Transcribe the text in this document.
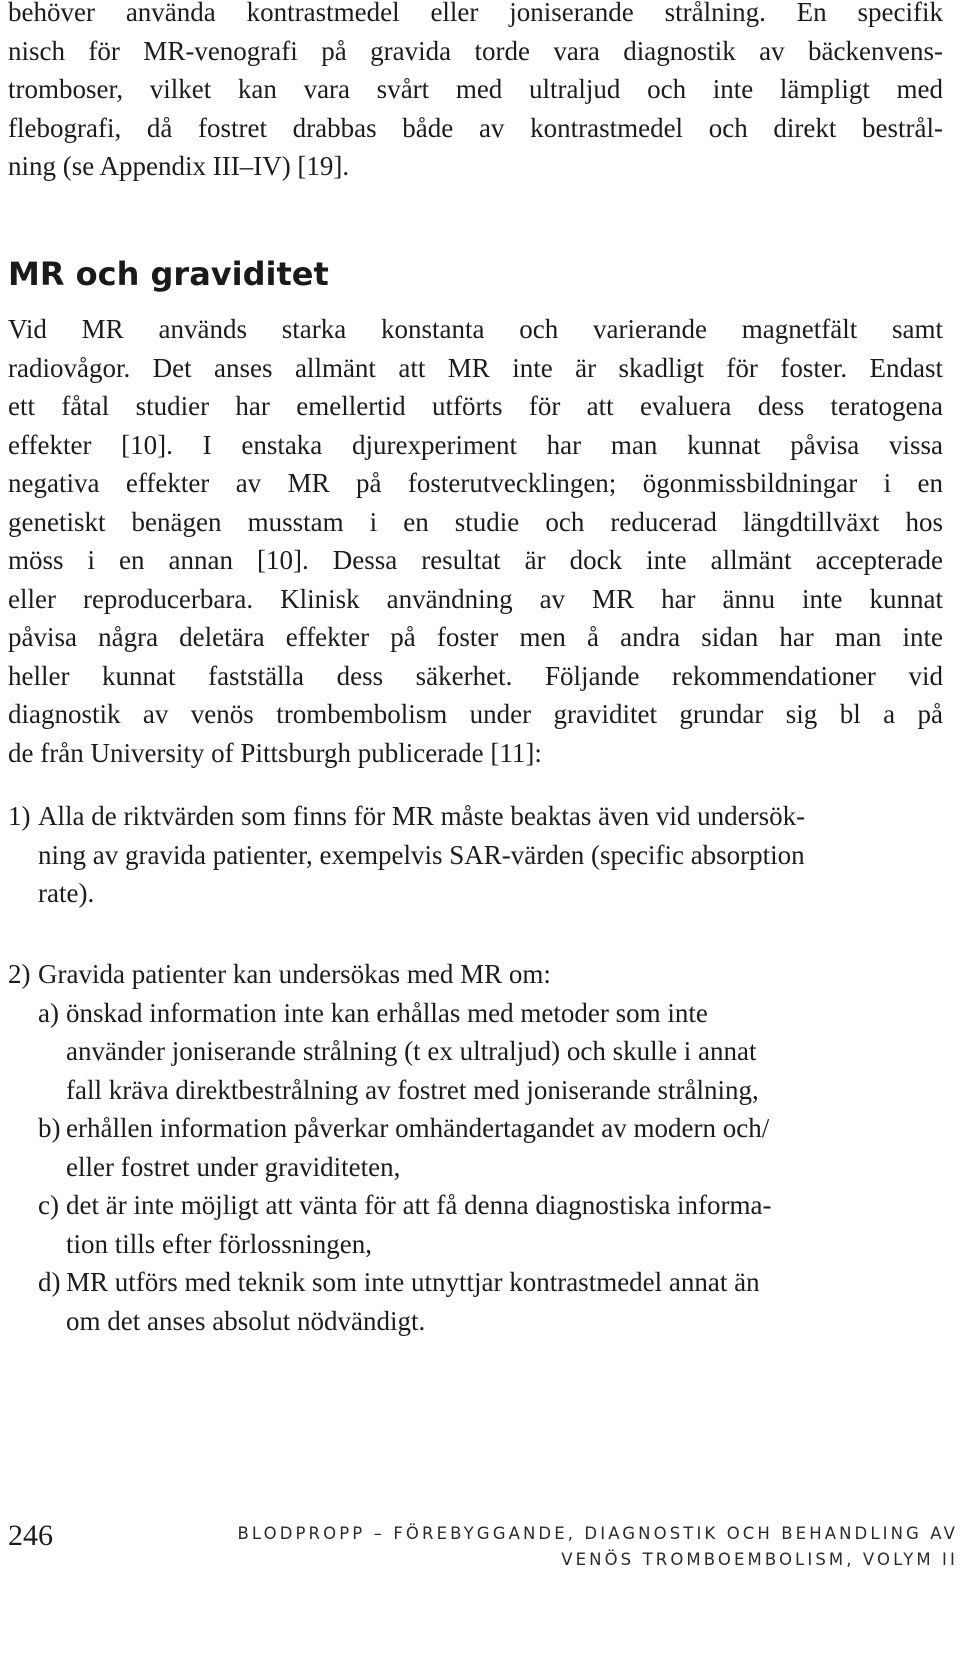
behöver använda kontrastmedel eller joniserande strålning. En specifik
nisch för MR-venografi på gravida torde vara diagnostik av bäckenvens-
tromboser, vilket kan vara svårt med ultraljud och inte lämpligt med
flebografi, då fostret drabbas både av kontrastmedel och direkt bestrål-
ning (se Appendix III–IV) [19].
MR och graviditet
Vid MR används starka konstanta och varierande magnetfält samt
radiovågor. Det anses allmänt att MR inte är skadligt för foster. Endast
ett fåtal studier har emellertid utförts för att evaluera dess teratogena
effekter [10]. I enstaka djurexperiment har man kunnat påvisa vissa
negativa effekter av MR på fosterutvecklingen; ögonmissbildningar i en
genetiskt benägen musstam i en studie och reducerad längdtillväxt hos
möss i en annan [10]. Dessa resultat är dock inte allmänt accepterade
eller reproducerbara. Klinisk användning av MR har ännu inte kunnat
påvisa några deletära effekter på foster men å andra sidan har man inte
heller kunnat fastställa dess säkerhet. Följande rekommendationer vid
diagnostik av venös trombembolism under graviditet grundar sig bl a på
de från University of Pittsburgh publicerade [11]:
1) Alla de riktvärden som finns för MR måste beaktas även vid undersök-
ning av gravida patienter, exempelvis SAR-värden (specific absorption
rate).
2) Gravida patienter kan undersökas med MR om:
a) önskad information inte kan erhållas med metoder som inte
använder joniserande strålning (t ex ultraljud) och skulle i annat
fall kräva direktbestrålning av fostret med joniserande strålning,
b) erhållen information påverkar omhändertagandet av modern och/
eller fostret under graviditeten,
c) det är inte möjligt att vänta för att få denna diagnostiska informa-
tion tills efter förlossningen,
d) MR utförs med teknik som inte utnyttjar kontrastmedel annat än
om det anses absolut nödvändigt.
246	BLODPROPP – FÖREBYGGANDE, DIAGNOSTIK OCH BEHANDLING AV
VENÖS TROMBOEMBOLISM, VOLYM II
